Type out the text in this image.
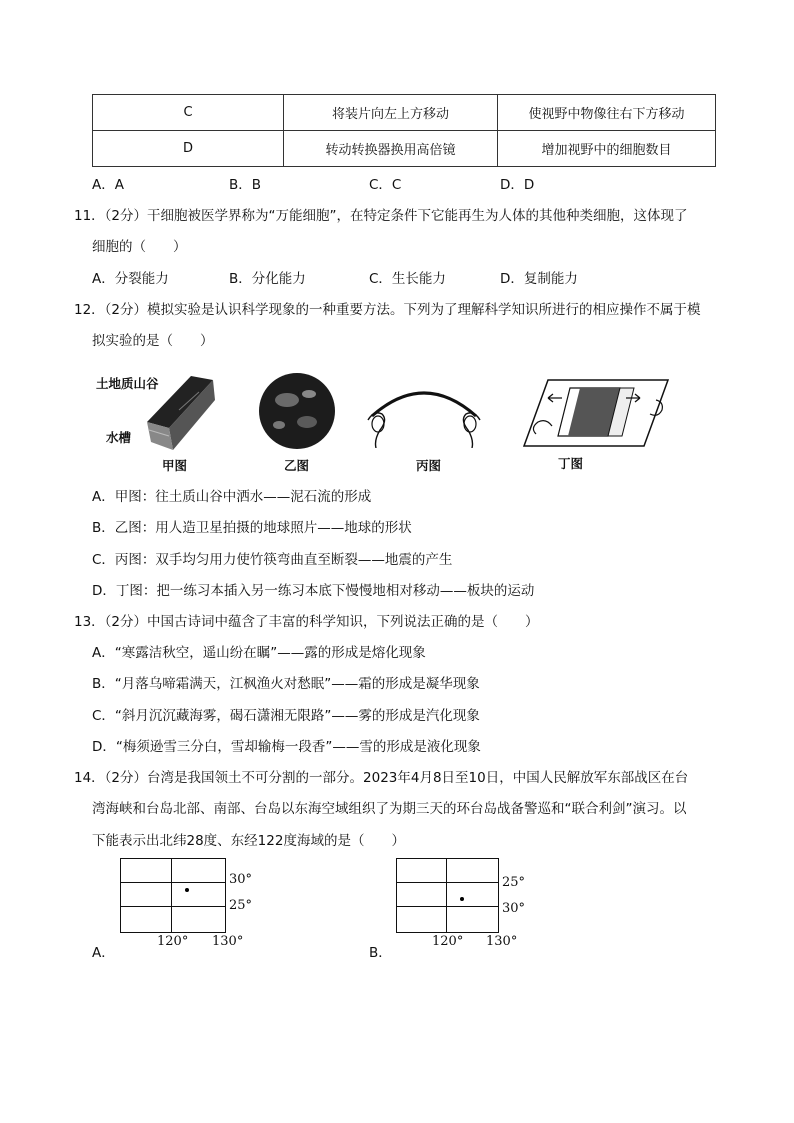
C	将装片向左上方移动	使视野中物像往右下方移动
D	转动转换器换用高倍镜	增加视野中的细胞数目
A．A	B．B	C．C	D．D
11．（2分）干细胞被医学界称为“万能细胞”，在特定条件下它能再生为人体的其他种类细胞，这体现了
细胞的（　　）
A．分裂能力	B．分化能力	C．生长能力	D．复制能力
12．（2分）模拟实验是认识科学现象的一种重要方法。下列为了理解科学知识所进行的相应操作不属于模
拟实验的是（　　）
土地质山谷
水槽
甲图	乙图	丙图	丁图
A．甲图：往土质山谷中洒水——泥石流的形成
B．乙图：用人造卫星拍摄的地球照片——地球的形状
C．丙图：双手均匀用力使竹筷弯曲直至断裂——地震的产生
D．丁图：把一练习本插入另一练习本底下慢慢地相对移动——板块的运动
13．（2分）中国古诗词中蕴含了丰富的科学知识，下列说法正确的是（　　）
A．“寒露洁秋空，遥山纷在瞩”——露的形成是熔化现象
B．“月落乌啼霜满天，江枫渔火对愁眠”——霜的形成是凝华现象
C．“斜月沉沉藏海雾，碣石潇湘无限路”——雾的形成是汽化现象
D．“梅须逊雪三分白，雪却输梅一段香”——雪的形成是液化现象
14．（2分）台湾是我国领土不可分割的一部分。2023年4月8日至10日，中国人民解放军东部战区在台
湾海峡和台岛北部、南部、台岛以东海空域组织了为期三天的环台岛战备警巡和“联合利剑”演习。以
下能表示出北纬28度、东经122度海域的是（　　）
A．
30°
25°
120° 130°
B．
25°
30°
120° 130°
